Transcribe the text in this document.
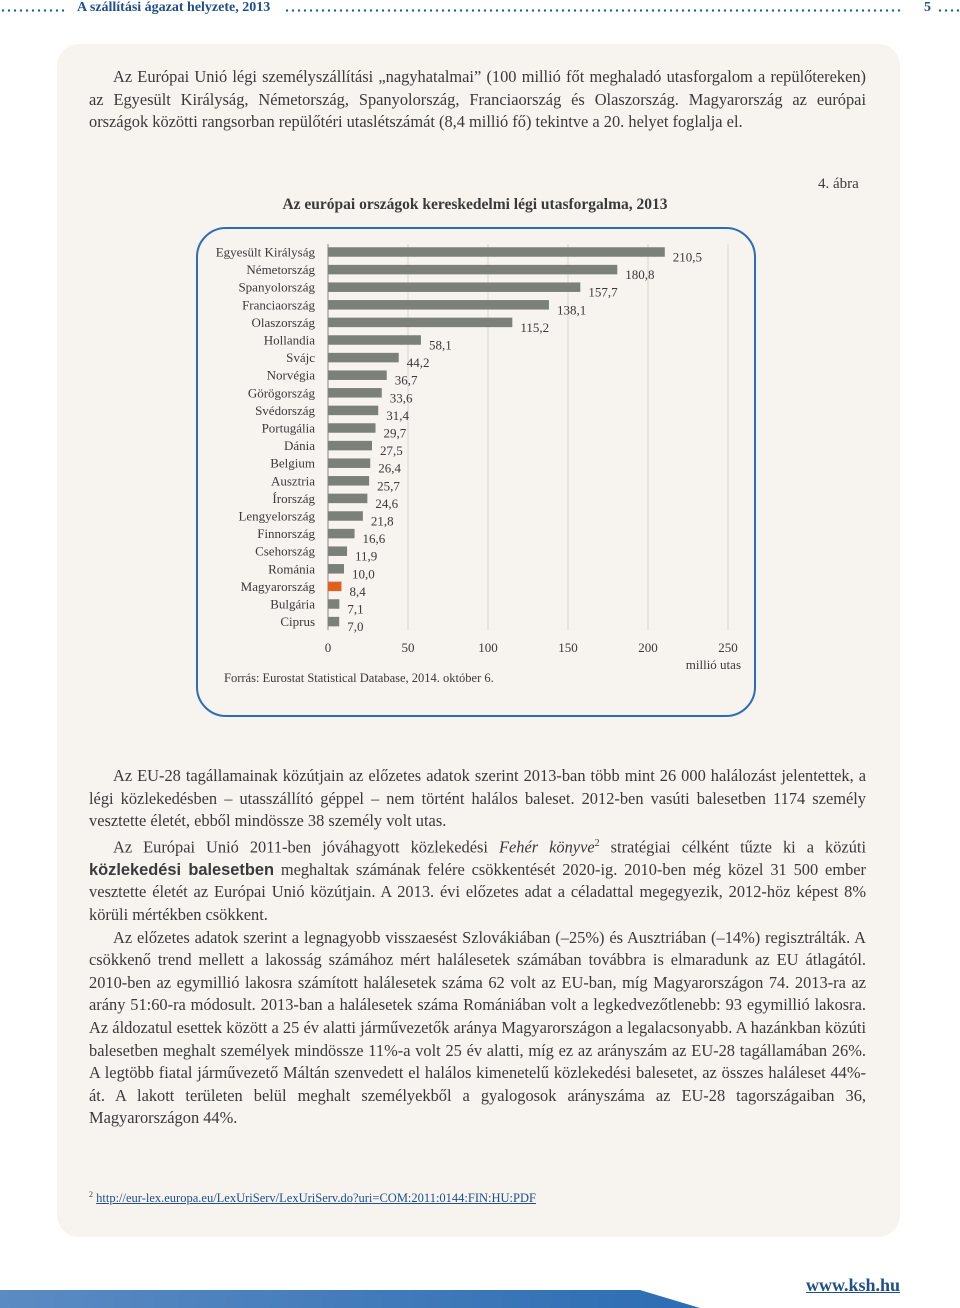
A szállítási ágazat helyzete, 2013	5
Az Európai Unió légi személyszállítási „nagyhatalmai” (100 millió főt meghaladó utasforgalom a repülőtereken) az Egyesült Királyság, Németország, Spanyolország, Franciaország és Olaszország. Magyarország az európai országok közötti rangsorban repülőtéri utaslétszámát (8,4 millió fő) tekintve a 20. helyet foglalja el.
Az európai országok kereskedelmi légi utasforgalma, 2013
4. ábra
Egyesült Királyság	210,5
Németország	180,8
Spanyolország	157,7
Franciaország	138,1
Olaszország	115,2
Hollandia	58,1
Svájc	44,2
Norvégia	36,7
Görögország	33,6
Svédország	31,4
Portugália	29,7
Dánia	27,5
Belgium	26,4
Ausztria	25,7
Írország	24,6
Lengyelország	21,8
Finnország	16,6
Csehország	11,9
Románia	10,0
Magyarország	8,4
Bulgária 7,1
Ciprus 7,0
0	50	100	150	200	250
millió utas
Forrás: Eurostat Statistical Database, 2014. október 6.

Az EU-28 tagállamainak közútjain az előzetes adatok szerint 2013-ban több mint 26 000 halálozást jelentettek, a légi közlekedésben – utasszállító géppel – nem történt halálos baleset. 2012-ben vasúti balesetben 1174 személy vesztette életét, ebből mindössze 38 személy volt utas.

Az Európai Unió 2011-ben jóváhagyott közlekedési Fehér könyve$^2$ stratégiai célként tűzte ki a közúti közlekedési balesetben meghaltak számának felére csökkentését 2020-ig. 2010-ben még közel 31 500 ember vesztette életét az Európai Unió közútjain. A 2013. évi előzetes adat a céladattal megegyezik, 2012-höz képest 8% körüli mértékben csökkent.

Az előzetes adatok szerint a legnagyobb visszaesést Szlovákiában (–25%) és Ausztriában (–14%) regisztrálták. A csökkenő trend mellett a lakosság számához mért halálesetek számában továbbra is elmaradunk az EU átlagától. 2010-ben az egymillió lakosra számított halálesetek száma 62 volt az EU-ban, míg Magyarországon 74. 2013-ra az arány 51:60-ra módosult. 2013-ban a halálesetek száma Romániában volt a legkedvezőtlenebb: 93 egymillió lakosra. Az áldozatul esettek között a 25 év alatti járművezetők aránya Magyarországon a legalacsonyabb. A hazánkban közúti balesetben meghalt személyek mindössze 11%-a volt 25 év alatti, míg ez az arányszám az EU-28 tagállamában 26%. A legtöbb fiatal járművezető Máltán szenvedett el halálos kimenetelű közlekedési balesetet, az összes haláleset 44%-át. A lakott területen belül meghalt személyekből a gyalogosok arányszáma az EU-28 tagországaiban 36, Magyarországon 44%.

$^2$ http://eur-lex.europa.eu/LexUriServ/LexUriServ.do?uri=COM:2011:0144:FIN:HU:PDF
www.ksh.hu
